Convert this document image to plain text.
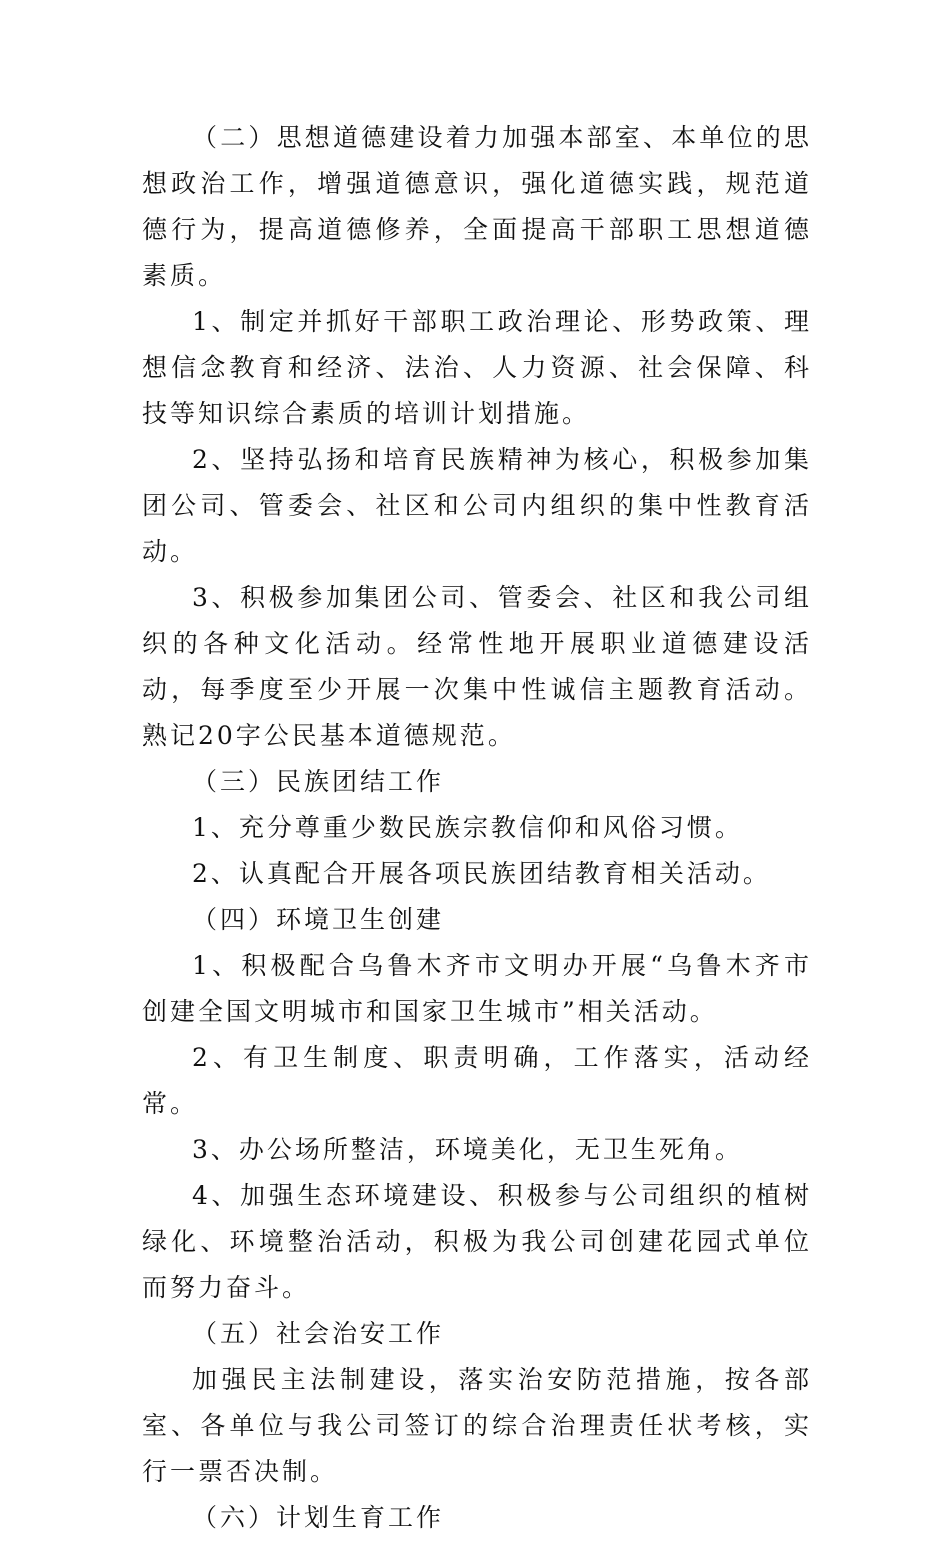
（二）思想道德建设着力加强本部室、本单位的思想政治工作，增强道德意识，强化道德实践，规范道德行为，提高道德修养，全面提高干部职工思想道德素质。

1、制定并抓好干部职工政治理论、形势政策、理想信念教育和经济、法治、人力资源、社会保障、科技等知识综合素质的培训计划措施。

2、坚持弘扬和培育民族精神为核心，积极参加集团公司、管委会、社区和公司内组织的集中性教育活动。

3、积极参加集团公司、管委会、社区和我公司组织的各种文化活动。经常性地开展职业道德建设活动，每季度至少开展一次集中性诚信主题教育活动。熟记20字公民基本道德规范。

（三）民族团结工作

1、充分尊重少数民族宗教信仰和风俗习惯。

2、认真配合开展各项民族团结教育相关活动。

（四）环境卫生创建

1、积极配合乌鲁木齐市文明办开展“乌鲁木齐市创建全国文明城市和国家卫生城市”相关活动。

2、有卫生制度、职责明确，工作落实，活动经常。

3、办公场所整洁，环境美化，无卫生死角。

4、加强生态环境建设、积极参与公司组织的植树绿化、环境整治活动，积极为我公司创建花园式单位而努力奋斗。

（五）社会治安工作

加强民主法制建设，落实治安防范措施，按各部室、各单位与我公司签订的综合治理责任状考核，实行一票否决制。

（六）计划生育工作
